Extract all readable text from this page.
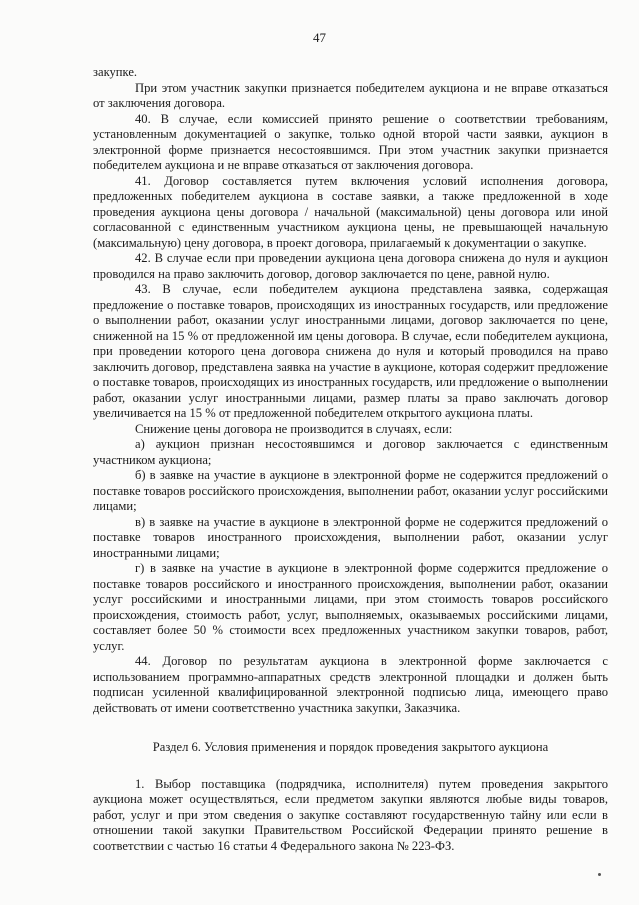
47

закупке.

При этом участник закупки признается победителем аукциона и не вправе отказаться от заключения договора.

40. В случае, если комиссией принято решение о соответствии требованиям, установленным документацией о закупке, только одной второй части заявки, аукцион в электронной форме признается несостоявшимся. При этом участник закупки признается победителем аукциона и не вправе отказаться от заключения договора.

41. Договор составляется путем включения условий исполнения договора, предложенных победителем аукциона в составе заявки, а также предложенной в ходе проведения аукциона цены договора / начальной (максимальной) цены договора или иной согласованной с единственным участником аукциона цены, не превышающей начальную (максимальную) цену договора, в проект договора, прилагаемый к документации о закупке.

42. В случае если при проведении аукциона цена договора снижена до нуля и аукцион проводился на право заключить договор, договор заключается по цене, равной нулю.

43. В случае, если победителем аукциона представлена заявка, содержащая предложение о поставке товаров, происходящих из иностранных государств, или предложение о выполнении работ, оказании услуг иностранными лицами, договор заключается по цене, сниженной на 15 % от предложенной им цены договора. В случае, если победителем аукциона, при проведении которого цена договора снижена до нуля и который проводился на право заключить договор, представлена заявка на участие в аукционе, которая содержит предложение о поставке товаров, происходящих из иностранных государств, или предложение о выполнении работ, оказании услуг иностранными лицами, размер платы за право заключать договор увеличивается на 15 % от предложенной победителем открытого аукциона платы.

Снижение цены договора не производится в случаях, если:

а) аукцион признан несостоявшимся и договор заключается с единственным участником аукциона;

б) в заявке на участие в аукционе в электронной форме не содержится предложений о поставке товаров российского происхождения, выполнении работ, оказании услуг российскими лицами;

в) в заявке на участие в аукционе в электронной форме не содержится предложений о поставке товаров иностранного происхождения, выполнении работ, оказании услуг иностранными лицами;

г) в заявке на участие в аукционе в электронной форме содержится предложение о поставке товаров российского и иностранного происхождения, выполнении работ, оказании услуг российскими и иностранными лицами, при этом стоимость товаров российского происхождения, стоимость работ, услуг, выполняемых, оказываемых российскими лицами, составляет более 50 % стоимости всех предложенных участником закупки товаров, работ, услуг.

44. Договор по результатам аукциона в электронной форме заключается с использованием программно-аппаратных средств электронной площадки и должен быть подписан усиленной квалифицированной электронной подписью лица, имеющего право действовать от имени соответственно участника закупки, Заказчика.

Раздел 6. Условия применения и порядок проведения закрытого аукциона

1. Выбор поставщика (подрядчика, исполнителя) путем проведения закрытого аукциона может осуществляться, если предметом закупки являются любые виды товаров, работ, услуг и при этом сведения о закупке составляют государственную тайну или если в отношении такой закупки Правительством Российской Федерации принято решение в соответствии с частью 16 статьи 4 Федерального закона № 223-ФЗ.
